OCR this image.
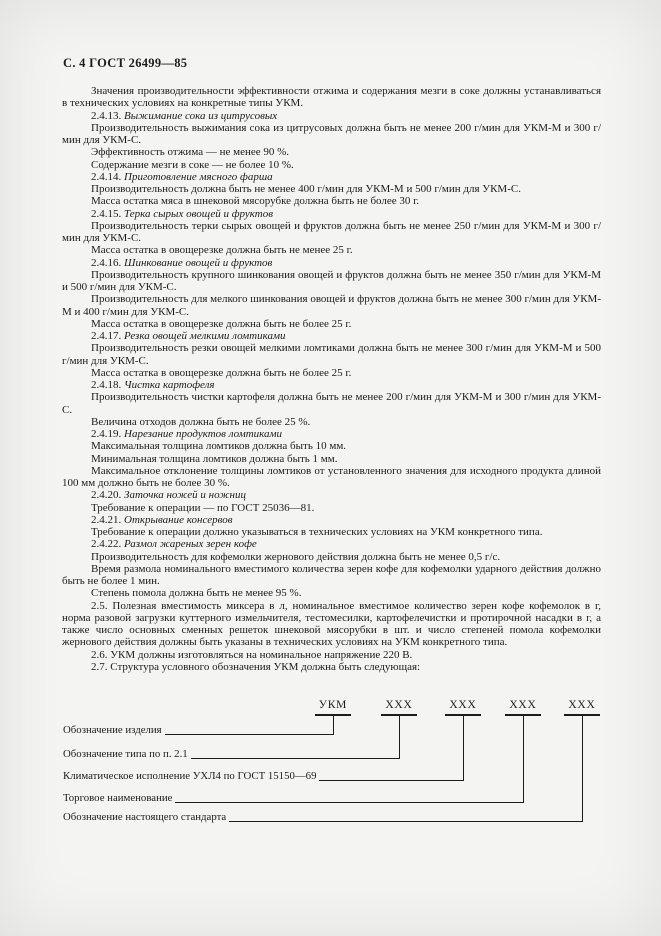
С. 4 ГОСТ 26499—85

Значения производительности эффективности отжима и содержания мезги в соке должны устанавливаться в технических условиях на конкретные типы УКМ.

2.4.13. Выжимание сока из цитрусовых

Производительность выжимания сока из цитрусовых должна быть не менее 200 г/мин для УКМ-М и 300 г/мин для УКМ-С.

Эффективность отжима — не менее 90 %.

Содержание мезги в соке — не более 10 %.

2.4.14. Приготовление мясного фарша

Производительность должна быть не менее 400 г/мин для УКМ-М и 500 г/мин для УКМ-С.

Масса остатка мяса в шнековой мясорубке должна быть не более 30 г.

2.4.15. Терка сырых овощей и фруктов

Производительность терки сырых овощей и фруктов должна быть не менее 250 г/мин для УКМ-М и 300 г/мин для УКМ-С.

Масса остатка в овощерезке должна быть не менее 25 г.

2.4.16. Шинкование овощей и фруктов

Производительность крупного шинкования овощей и фруктов должна быть не менее 350 г/мин для УКМ-М и 500 г/мин для УКМ-С.

Производительность для мелкого шинкования овощей и фруктов должна быть не менее 300 г/мин для УКМ-М и 400 г/мин для УКМ-С.

Масса остатка в овощерезке должна быть не более 25 г.

2.4.17. Резка овощей мелкими ломтиками

Производительность резки овощей мелкими ломтиками должна быть не менее 300 г/мин для УКМ-М и 500 г/мин для УКМ-С.

Масса остатка в овощерезке должна быть не более 25 г.

2.4.18. Чистка картофеля

Производительность чистки картофеля должна быть не менее 200 г/мин для УКМ-М и 300 г/мин для УКМ-С.

Величина отходов должна быть не более 25 %.

2.4.19. Нарезание продуктов ломтиками

Максимальная толщина ломтиков должна быть 10 мм.

Минимальная толщина ломтиков должна быть 1 мм.

Максимальное отклонение толщины ломтиков от установленного значения для исходного продукта длиной 100 мм должно быть не более 30 %.

2.4.20. Заточка ножей и ножниц

Требование к операции — по ГОСТ 25036—81.

2.4.21. Открывание консервов

Требование к операции должно указываться в технических условиях на УКМ конкретного типа.

2.4.22. Размол жареных зерен кофе

Производительность для кофемолки жернового действия должна быть не менее 0,5 г/с.

Время размола номинального вместимого количества зерен кофе для кофемолки ударного действия должно быть не более 1 мин.

Степень помола должна быть не менее 95 %.

2.5. Полезная вместимость миксера в л, номинальное вместимое количество зерен кофе кофемолок в г, норма разовой загрузки куттерного измельчителя, тестомесилки, картофелечистки и протирочной насадки в г, а также число основных сменных решеток шнековой мясорубки в шт. и число степеней помола кофемолки жернового действия должны быть указаны в технических условиях на УКМ конкретного типа.

2.6. УКМ должны изготовляться на номинальное напряжение 220 В.

2.7. Структура условного обозначения УКМ должна быть следующая:

УКМ	XXX	XXX	XXX	XXX
Обозначение изделия
Обозначение типа по п. 2.1
Климатическое исполнение УХЛ4 по ГОСТ 15150—69
Торговое наименование
Обозначение настоящего стандарта
